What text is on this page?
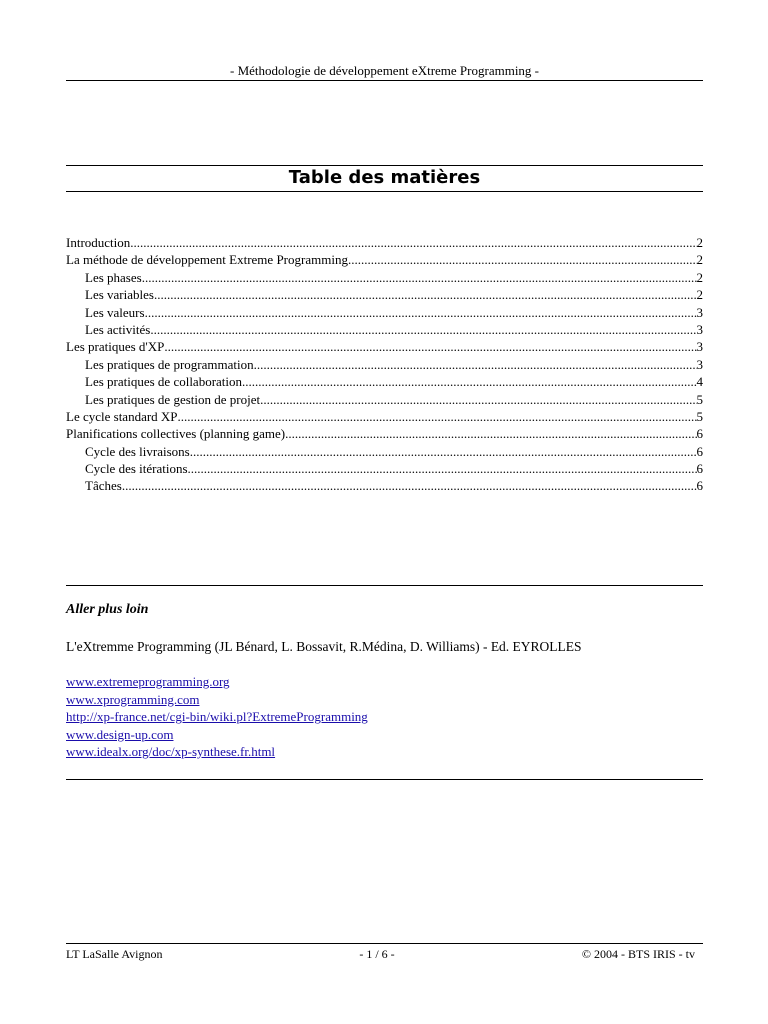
- Méthodologie de développement eXtreme Programming -
Table des matières
Introduction .....	2
La méthode de développement Extreme Programming .....	2
Les phases .....	2
Les variables .....	2
Les valeurs .....	3
Les activités .....	3
Les pratiques d'XP .....	3
Les pratiques de programmation .....	3
Les pratiques de collaboration .....	4
Les pratiques de gestion de projet .....	5
Le cycle standard XP .....	5
Planifications collectives (planning game) .....	6
Cycle des livraisons .....	6
Cycle des itérations .....	6
Tâches .....	6
Aller plus loin
L'eXtremme Programming (JL Bénard, L. Bossavit, R.Médina, D. Williams) - Ed. EYROLLES
www.extremeprogramming.org
www.xprogramming.com
http://xp-france.net/cgi-bin/wiki.pl?ExtremeProgramming
www.design-up.com
www.idealx.org/doc/xp-synthese.fr.html
LT LaSalle Avignon	- 1 / 6 -	© 2004 - BTS IRIS - tv
